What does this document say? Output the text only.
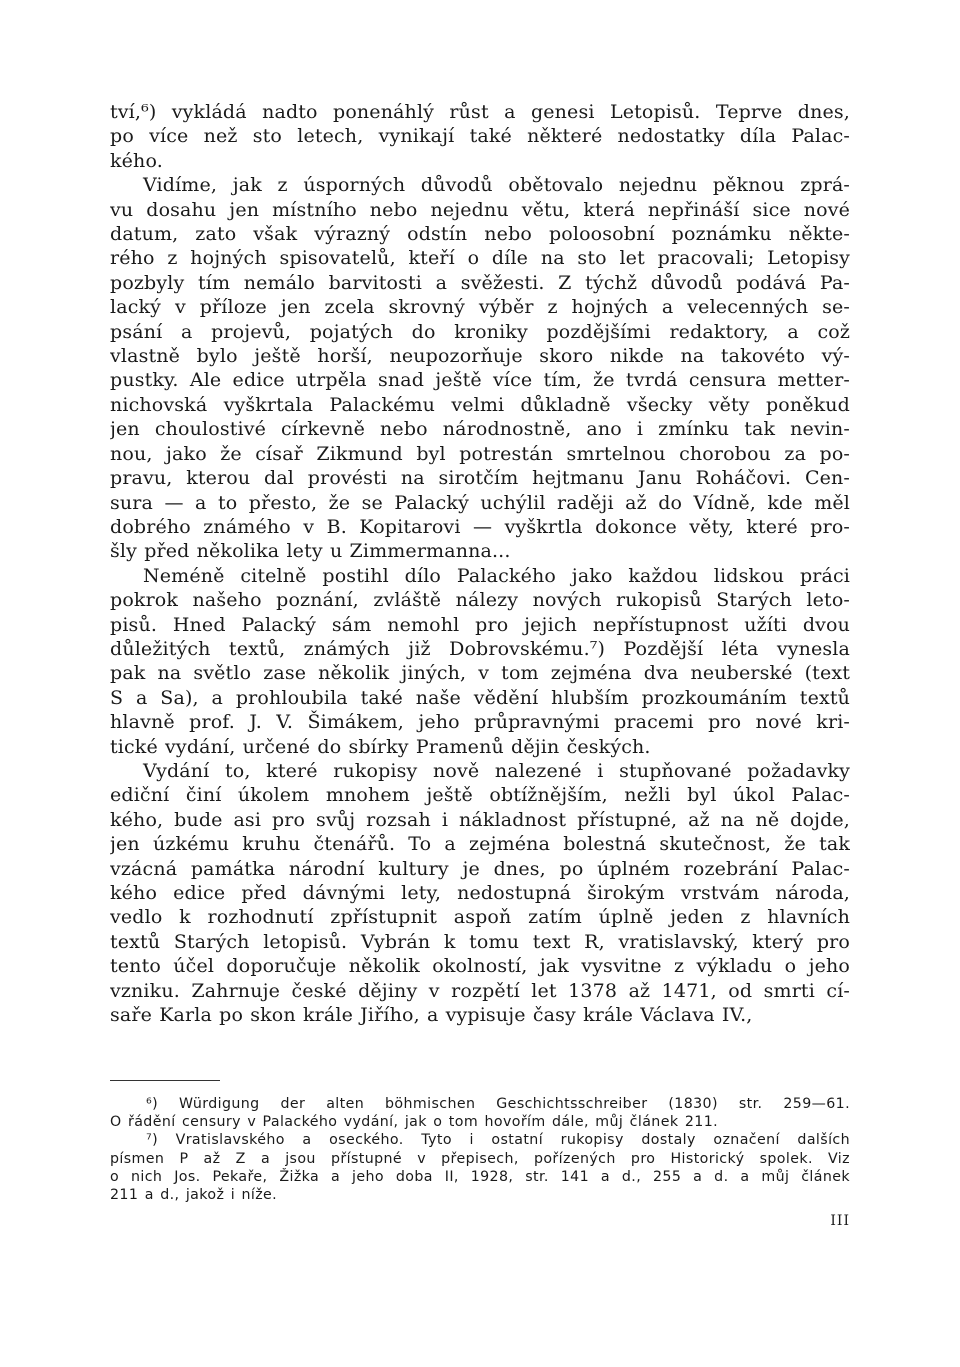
tví,⁶) vykládá nadto ponenáhlý růst a genesi Letopisů. Teprve dnes,
po více než sto letech, vynikají také některé nedostatky díla Palac-
kého.
Vidíme, jak z úsporných důvodů obětovalo nejednu pěknou zprá-
vu dosahu jen místního nebo nejednu větu, která nepřináší sice nové
datum, zato však výrazný odstín nebo poloosobní poznámku někte-
rého z hojných spisovatelů, kteří o díle na sto let pracovali; Letopisy
pozbyly tím nemálo barvitosti a svěžesti. Z týchž důvodů podává Pa-
lacký v příloze jen zcela skrovný výběr z hojných a velecenných se-
psání a projevů, pojatých do kroniky pozdějšími redaktory, a což
vlastně bylo ještě horší, neupozorňuje skoro nikde na takovéto vý-
pustky. Ale edice utrpěla snad ještě více tím, že tvrdá censura metter-
nichovská vyškrtala Palackému velmi důkladně všecky věty poněkud
jen choulostivé církevně nebo národnostně, ano i zmínku tak nevin-
nou, jako že císař Zikmund byl potrestán smrtelnou chorobou za po-
pravu, kterou dal provésti na sirotčím hejtmanu Janu Roháčovi. Cen-
sura — a to přesto, že se Palacký uchýlil raději až do Vídně, kde měl
dobrého známého v B. Kopitarovi — vyškrtla dokonce věty, které pro-
šly před několika lety u Zimmermanna...
Neméně citelně postihl dílo Palackého jako každou lidskou práci
pokrok našeho poznání, zvláště nálezy nových rukopisů Starých leto-
pisů. Hned Palacký sám nemohl pro jejich nepřístupnost užíti dvou
důležitých textů, známých již Dobrovskému.⁷) Pozdější léta vynesla
pak na světlo zase několik jiných, v tom zejména dva neuberské (text
S a Sa), a prohloubila také naše vědění hlubším prozkoumáním textů
hlavně prof. J. V. Šimákem, jeho průpravnými pracemi pro nové kri-
tické vydání, určené do sbírky Pramenů dějin českých.
Vydání to, které rukopisy nově nalezené i stupňované požadavky
ediční činí úkolem mnohem ještě obtížnějším, nežli byl úkol Palac-
kého, bude asi pro svůj rozsah i nákladnost přístupné, až na ně dojde,
jen úzkému kruhu čtenářů. To a zejména bolestná skutečnost, že tak
vzácná památka národní kultury je dnes, po úplném rozebrání Palac-
kého edice před dávnými lety, nedostupná širokým vrstvám národa,
vedlo k rozhodnutí zpřístupnit aspoň zatím úplně jeden z hlavních
textů Starých letopisů. Vybrán k tomu text R, vratislavský, který pro
tento účel doporučuje několik okolností, jak vysvitne z výkladu o jeho
vzniku. Zahrnuje české dějiny v rozpětí let 1378 až 1471, od smrti cí-
saře Karla po skon krále Jiřího, a vypisuje časy krále Václava IV.,
⁶) Würdigung der alten böhmischen Geschichtsschreiber (1830) str. 259—61.
O řádění censury v Palackého vydání, jak o tom hovořím dále, můj článek 211.
⁷) Vratislavského a oseckého. Tyto i ostatní rukopisy dostaly označení dalších
písmen P až Z a jsou přístupné v přepisech, pořízených pro Historický spolek. Viz
o nich Jos. Pekaře, Žižka a jeho doba II, 1928, str. 141 a d., 255 a d. a můj článek
211 a d., jakož i níže.
III
